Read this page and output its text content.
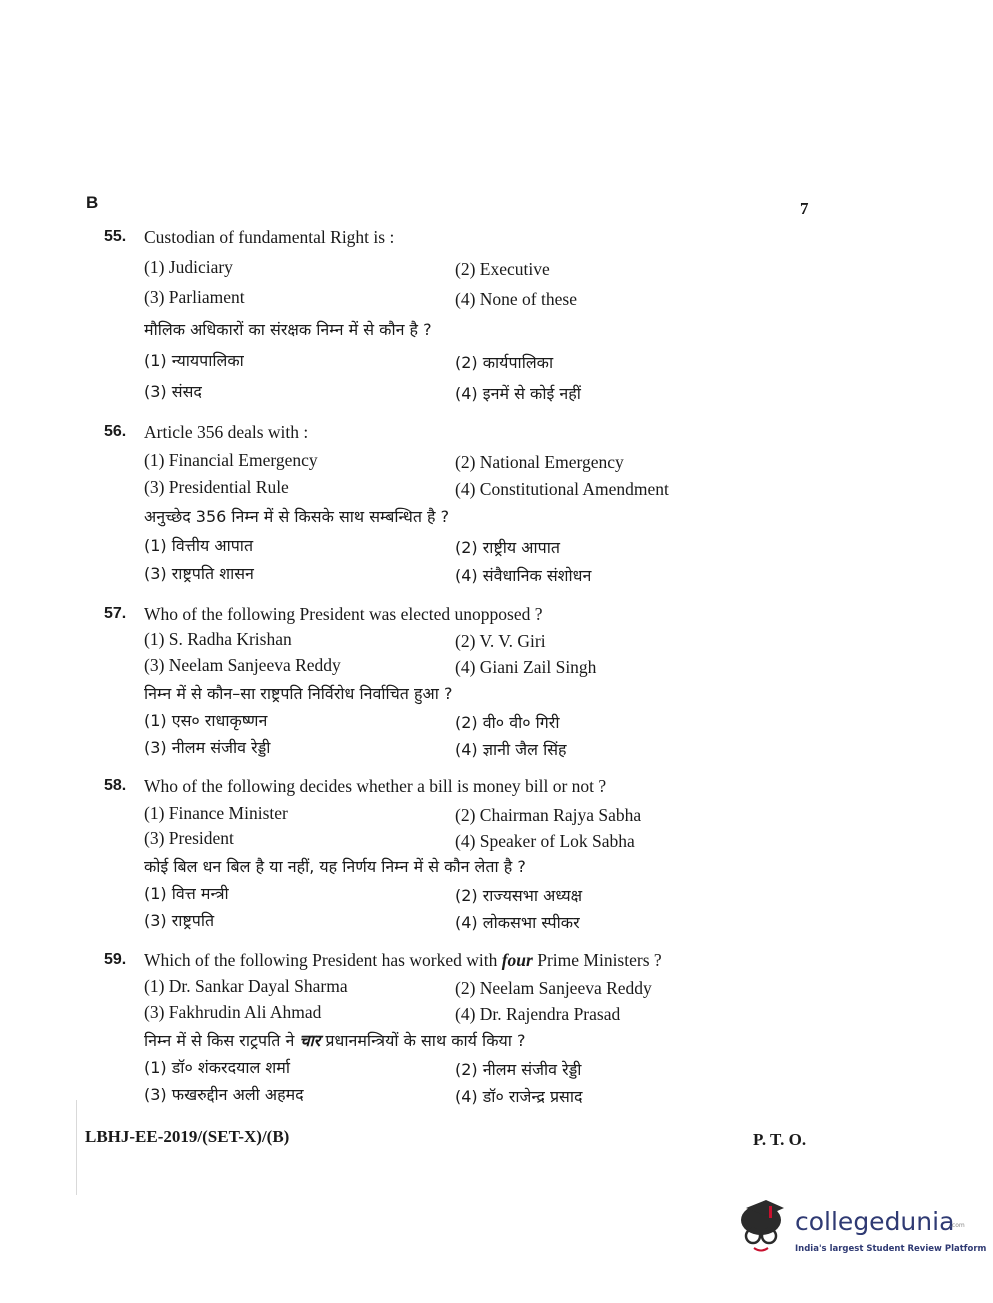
B	7
55. Custodian of fundamental Right is :
(1) Judiciary	(2) Executive
(3) Parliament	(4) None of these
मौलिक अधिकारों का संरक्षक निम्न में से कौन है ?
(1) न्यायपालिका	(2) कार्यपालिका
(3) संसद	(4) इनमें से कोई नहीं
56. Article 356 deals with :
(1) Financial Emergency	(2) National Emergency
(3) Presidential Rule	(4) Constitutional Amendment
अनुच्छेद 356 निम्न में से किसके साथ सम्बन्धित है ?
(1) वित्तीय आपात	(2) राष्ट्रीय आपात
(3) राष्ट्रपति शासन	(4) संवैधानिक संशोधन
57. Who of the following President was elected unopposed ?
(1) S. Radha Krishan	(2) V. V. Giri
(3) Neelam Sanjeeva Reddy	(4) Giani Zail Singh
निम्न में से कौन–सा राष्ट्रपति निर्विरोध निर्वाचित हुआ ?
(1) एस० राधाकृष्णन	(2) वी० वी० गिरी
(3) नीलम संजीव रेड्डी	(4) ज्ञानी जैल सिंह
58. Who of the following decides whether a bill is money bill or not ?
(1) Finance Minister	(2) Chairman Rajya Sabha
(3) President	(4) Speaker of Lok Sabha
कोई बिल धन बिल है या नहीं, यह निर्णय निम्न में से कौन लेता है ?
(1) वित्त मन्त्री	(2) राज्यसभा अध्यक्ष
(3) राष्ट्रपति	(4) लोकसभा स्पीकर
59. Which of the following President has worked with four Prime Ministers ?
(1) Dr. Sankar Dayal Sharma	(2) Neelam Sanjeeva Reddy
(3) Fakhrudin Ali Ahmad	(4) Dr. Rajendra Prasad
निम्न में से किस राट्रपति ने चार प्रधानमन्त्रियों के साथ कार्य किया ?
(1) डॉ० शंकरदयाल शर्मा	(2) नीलम संजीव रेड्डी
(3) फखरुद्दीन अली अहमद	(4) डॉ० राजेन्द्र प्रसाद
LBHJ-EE-2019/(SET-X)/(B)	P. T. O.
collegedunia
.com
India's largest Student Review Platform
